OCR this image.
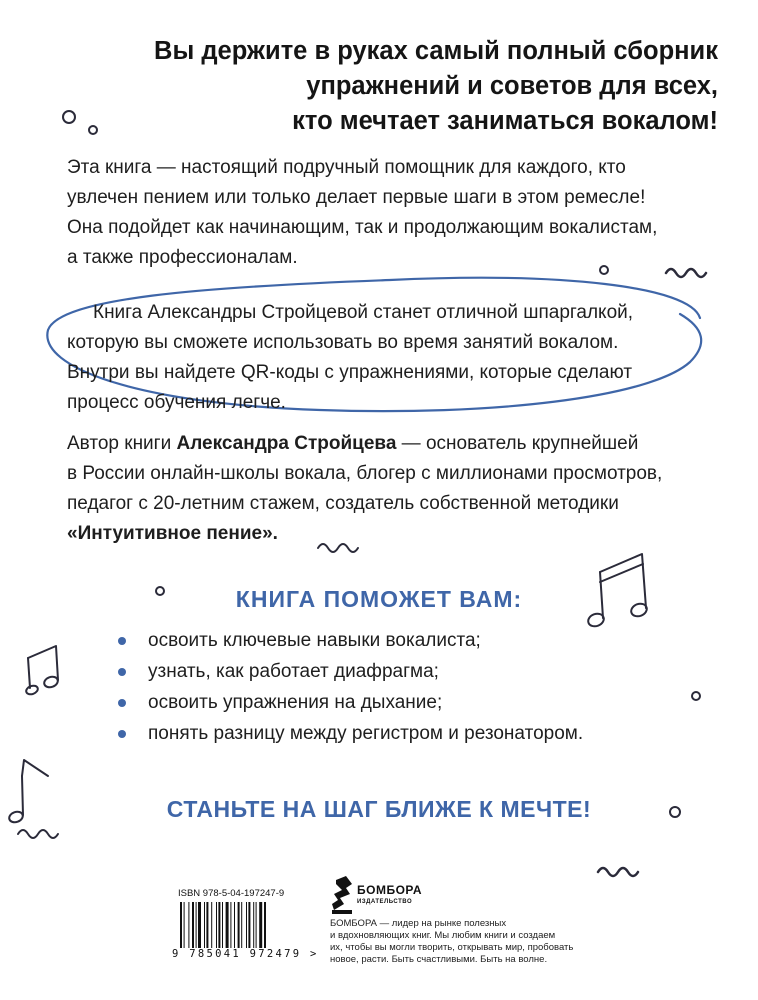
Вы держите в руках самый полный сборник
упражнений и советов для всех,
кто мечтает заниматься вокалом!

Эта книга — настоящий подручный помощник для каждого, кто
увлечен пением или только делает первые шаги в этом ремесле!
Она подойдет как начинающим, так и продолжающим вокалистам,
а также профессионалам.

Книга Александры Стройцевой станет отличной шпаргалкой,
которую вы сможете использовать во время занятий вокалом.
Внутри вы найдете QR-коды с упражнениями, которые сделают
процесс обучения легче.

Автор книги Александра Стройцева — основатель крупнейшей
в России онлайн-школы вокала, блогер с миллионами просмотров,
педагог с 20-летним стажем, создатель собственной методики
«Интуитивное пение».

КНИГА ПОМОЖЕТ ВАМ:
освоить ключевые навыки вокалиста;
узнать, как работает диафрагма;
освоить упражнения на дыхание;
понять разницу между регистром и резонатором.
СТАНЬТЕ НА ШАГ БЛИЖЕ К МЕЧТЕ!
ISBN 978-5-04-197247-9
9 785041 972479 >
БОМБОРА
ИЗДАТЕЛЬСТВО

БОМБОРА — лидер на рынке полезных
и вдохновляющих книг. Мы любим книги и создаем
их, чтобы вы могли творить, открывать мир, пробовать
новое, расти. Быть счастливыми. Быть на волне.
